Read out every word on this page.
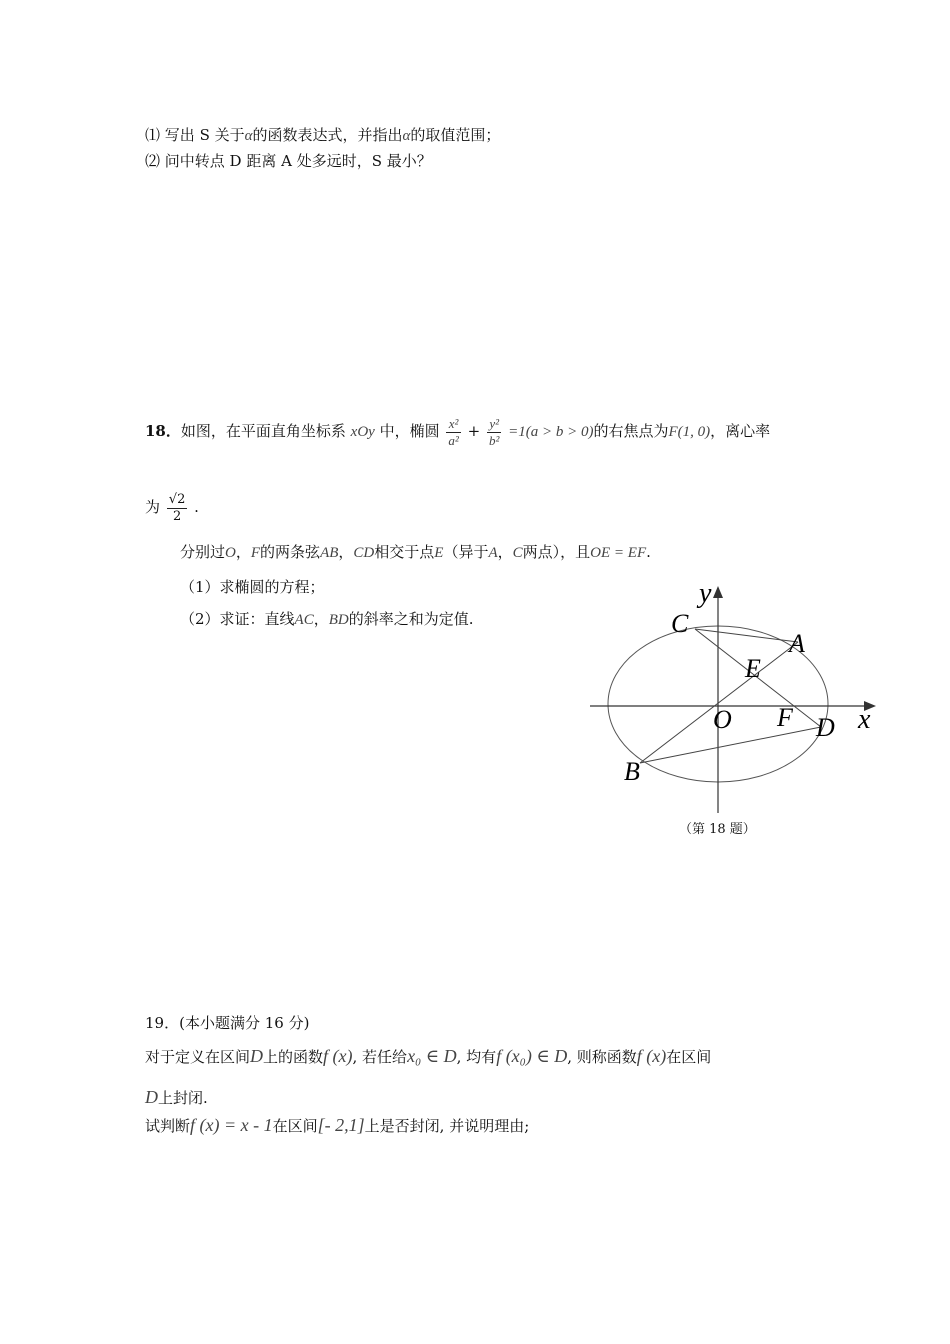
⑴ 写出 S 关于α的函数表达式，并指出α的取值范围；
⑵ 问中转点 D 距离 A 处多远时，S 最小？
18．如图，在平面直角坐标系 xOy 中，椭圆 $\frac{\text{x²}}{\text{a²}} + \frac{\text{y²}}{\text{b²}} =1(a > b > 0)$的右焦点为F(1, 0)，离心率
为 $\frac{√2}{2}$ .
分别过O，F的两条弦AB，CD相交于点E（异于A，C两点），且OE = EF.
（1）求椭圆的方程；
（2）求证：直线AC，BD的斜率之和为定值.
y
x
O
A
B
C
D
E
F
（第 18 题）
19．(本小题满分 16 分)
对于定义在区间D上的函数f (x), 若任给x₀ ∈ D, 均有f (x₀) ∈ D, 则称函数f (x)在区间
D上封闭.
试判断f (x) = x - 1在区间[- 2,1]上是否封闭, 并说明理由;
